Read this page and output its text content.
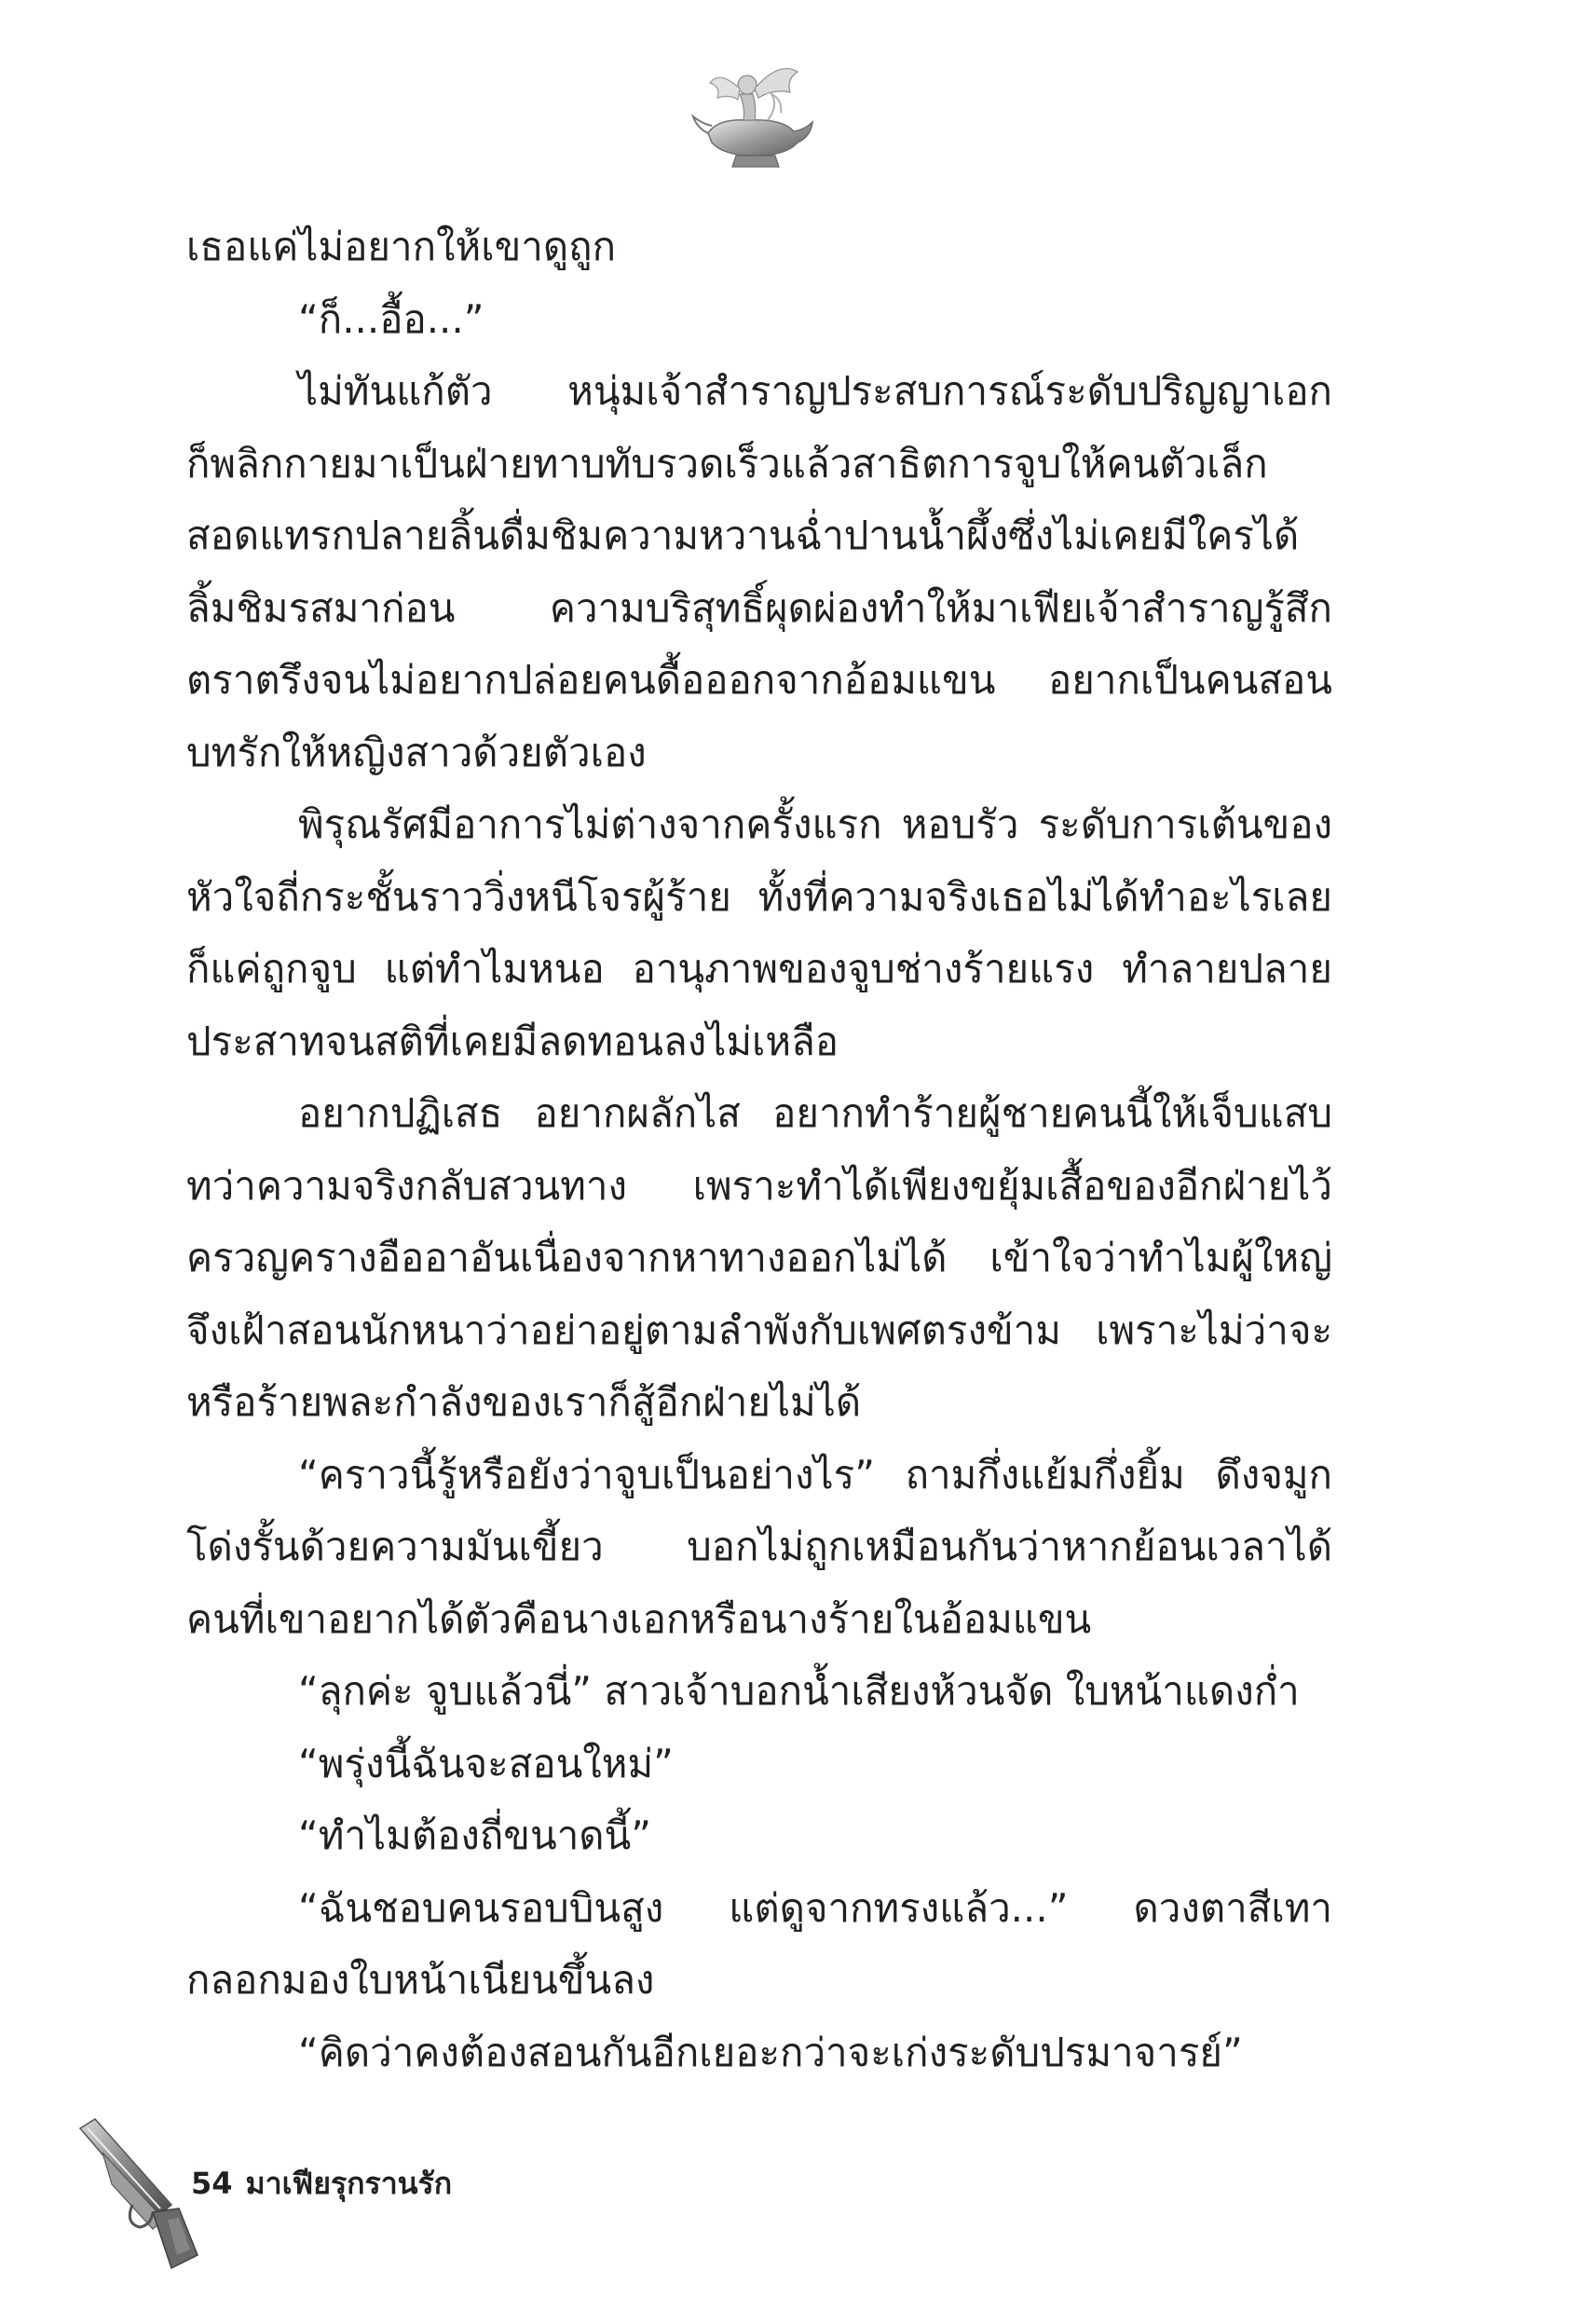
เธอแค่ไม่อยากให้เขาดูถูก
“ก็...อื้อ...”
ไม่ทันแก้ตัว หนุ่มเจ้าสำราญประสบการณ์ระดับปริญญาเอก
ก็พลิกกายมาเป็นฝ่ายทาบทับรวดเร็วแล้วสาธิตการจูบให้คนตัวเล็ก
สอดแทรกปลายลิ้นดื่มชิมความหวานฉ่ำปานน้ำผึ้งซึ่งไม่เคยมีใครได้
ลิ้มชิมรสมาก่อน ความบริสุทธิ์ผุดผ่องทำให้มาเฟียเจ้าสำราญรู้สึก
ตราตรึงจนไม่อยากปล่อยคนดื้อออกจากอ้อมแขน อยากเป็นคนสอน
บทรักให้หญิงสาวด้วยตัวเอง
พิรุณรัศมีอาการไม่ต่างจากครั้งแรก หอบรัว ระดับการเต้นของ
หัวใจถี่กระชั้นราววิ่งหนีโจรผู้ร้าย ทั้งที่ความจริงเธอไม่ได้ทำอะไรเลย
ก็แค่ถูกจูบ แต่ทำไมหนอ อานุภาพของจูบช่างร้ายแรง ทำลายปลาย
ประสาทจนสติที่เคยมีลดทอนลงไม่เหลือ
อยากปฏิเสธ อยากผลักไส อยากทำร้ายผู้ชายคนนี้ให้เจ็บแสบ
ทว่าความจริงกลับสวนทาง เพราะทำได้เพียงขยุ้มเสื้อของอีกฝ่ายไว้
ครวญครางอืออาอันเนื่องจากหาทางออกไม่ได้ เข้าใจว่าทำไมผู้ใหญ่
จึงเฝ้าสอนนักหนาว่าอย่าอยู่ตามลำพังกับเพศตรงข้าม เพราะไม่ว่าจะ
หรือร้ายพละกำลังของเราก็สู้อีกฝ่ายไม่ได้
“คราวนี้รู้หรือยังว่าจูบเป็นอย่างไร” ถามกึ่งแย้มกึ่งยิ้ม ดึงจมูก
โด่งรั้นด้วยความมันเขี้ยว บอกไม่ถูกเหมือนกันว่าหากย้อนเวลาได้
คนที่เขาอยากได้ตัวคือนางเอกหรือนางร้ายในอ้อมแขน
“ลุกค่ะ จูบแล้วนี่” สาวเจ้าบอกน้ำเสียงห้วนจัด ใบหน้าแดงก่ำ
“พรุ่งนี้ฉันจะสอนใหม่”
“ทำไมต้องถี่ขนาดนี้”
“ฉันชอบคนรอบบินสูง แต่ดูจากทรงแล้ว...” ดวงตาสีเทา
กลอกมองใบหน้าเนียนขึ้นลง
“คิดว่าคงต้องสอนกันอีกเยอะกว่าจะเก่งระดับปรมาจารย์”
54 มาเฟียรุกรานรัก
